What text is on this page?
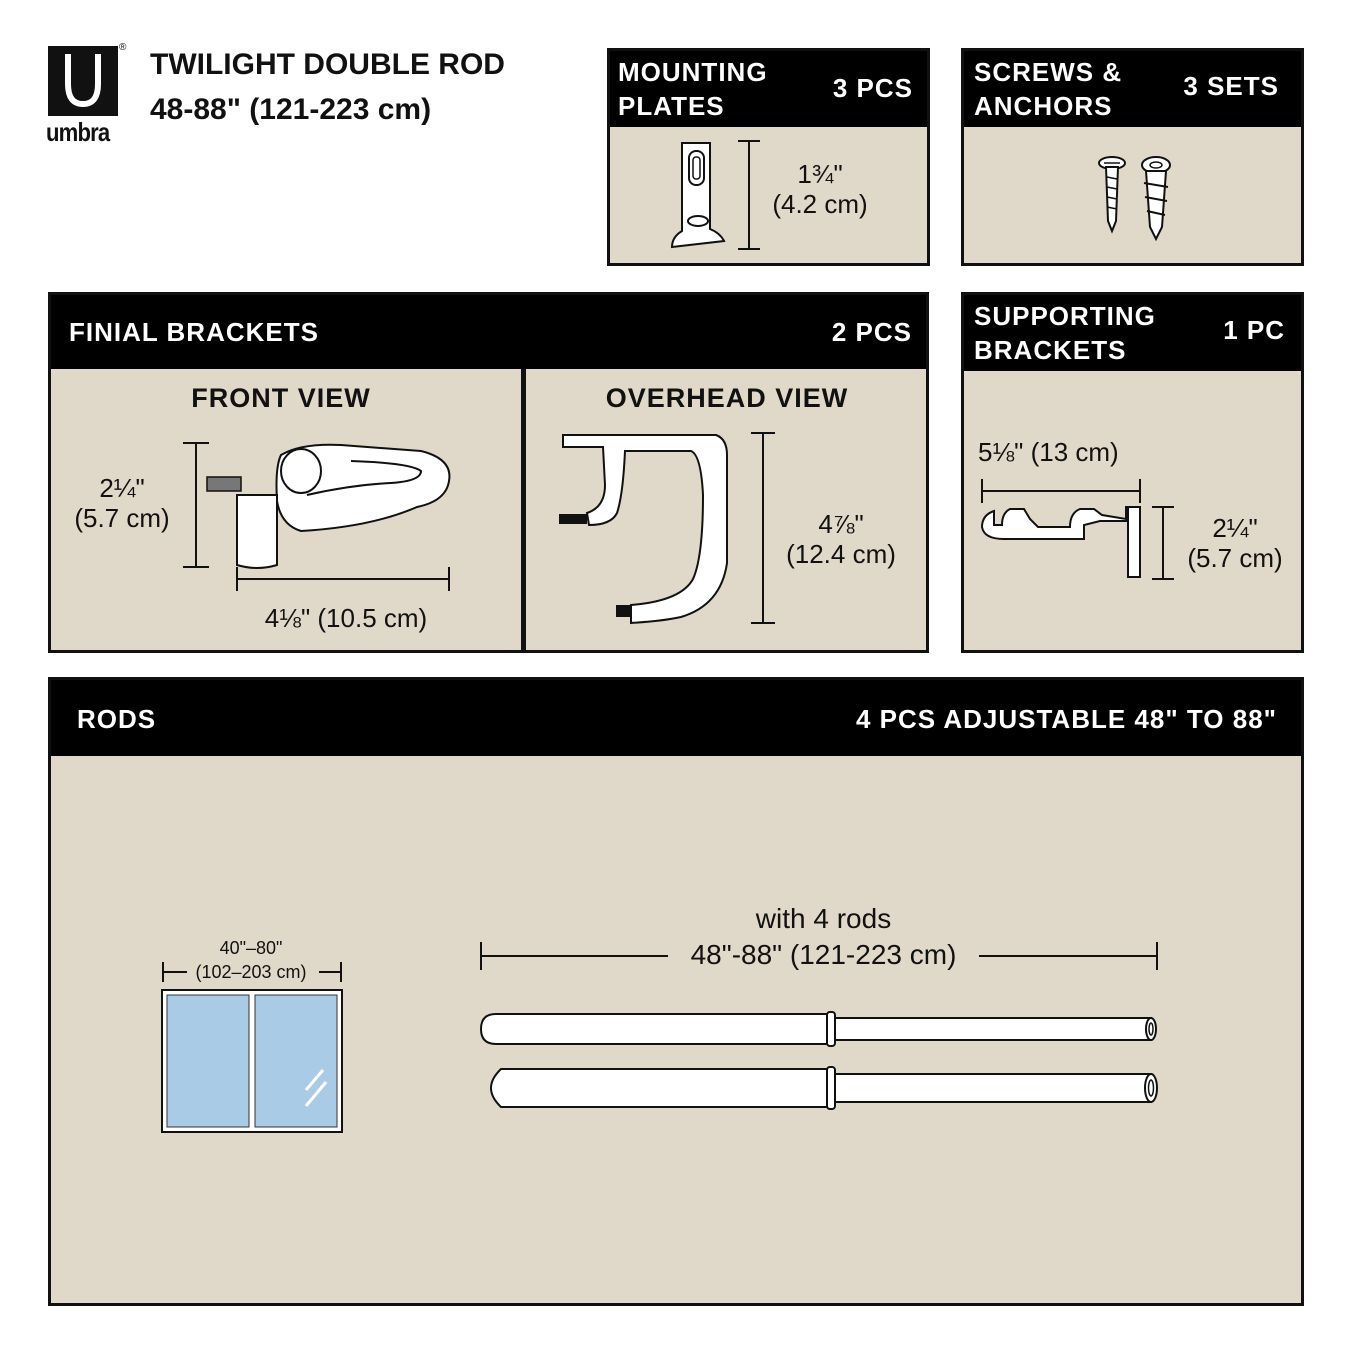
®
umbra
TWILIGHT DOUBLE ROD
48-88" (121-223 cm)
MOUNTING
PLATES
3 PCS
1¾"
(4.2 cm)
SCREWS &
ANCHORS
3 SETS
FINIAL BRACKETS	2 PCS
FRONT VIEW	OVERHEAD VIEW
2¼"
(5.7 cm)
4⅛" (10.5 cm)
4⅞"
(12.4 cm)
SUPPORTING
BRACKETS
1 PC
5⅛" (13 cm)
2¼"
(5.7 cm)
RODS	4 PCS ADJUSTABLE 48" TO 88"
40"–80"
(102–203 cm)
with 4 rods
48"-88" (121-223 cm)
